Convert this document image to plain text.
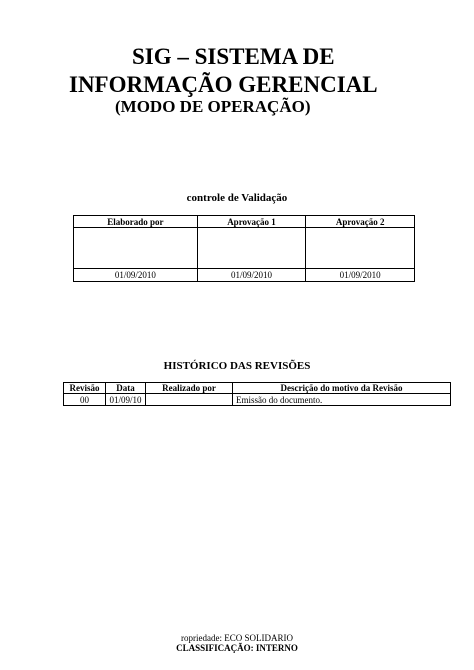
SIG – SISTEMA DE
INFORMAÇÃO GERENCIAL
(MODO DE OPERAÇÃO)
controle de Validação
Elaborado por	Aprovação 1	Aprovação 2

01/09/2010	01/09/2010	01/09/2010
HISTÓRICO DAS REVISÕES
Revisão	Data	Realizado por	Descrição do motivo da Revisão
00	01/09/10		Emissão do documento.
ropriedade: ECO SOLIDARIO
CLASSIFICAÇÃO: INTERNO
